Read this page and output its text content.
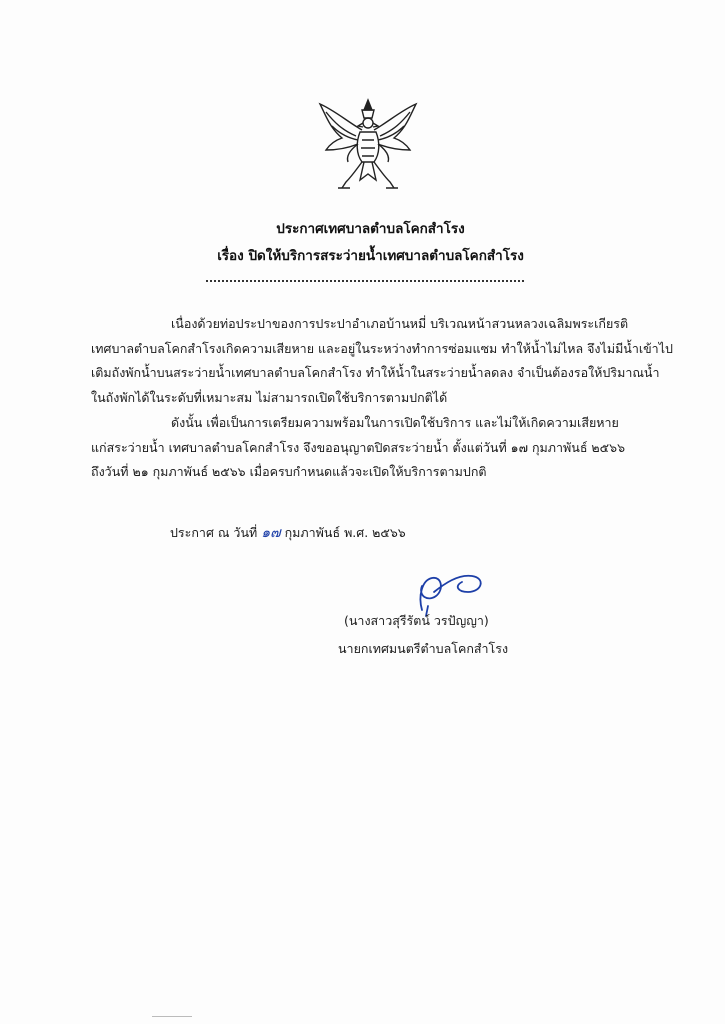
ประกาศเทศบาลตำบลโคกสำโรง
เรื่อง ปิดให้บริการสระว่ายน้ำเทศบาลตำบลโคกสำโรง
เนื่องด้วยท่อประปาของการประปาอำเภอบ้านหมี่ บริเวณหน้าสวนหลวงเฉลิมพระเกียรติ
เทศบาลตำบลโคกสำโรงเกิดความเสียหาย และอยู่ในระหว่างทำการซ่อมแซม ทำให้น้ำไม่ไหล จึงไม่มีน้ำเข้าไป
เติมถังพักน้ำบนสระว่ายน้ำเทศบาลตำบลโคกสำโรง ทำให้น้ำในสระว่ายน้ำลดลง จำเป็นต้องรอให้ปริมาณน้ำ
ในถังพักได้ในระดับที่เหมาะสม ไม่สามารถเปิดใช้บริการตามปกติได้
ดังนั้น เพื่อเป็นการเตรียมความพร้อมในการเปิดใช้บริการ และไม่ให้เกิดความเสียหาย
แก่สระว่ายน้ำ เทศบาลตำบลโคกสำโรง จึงขออนุญาตปิดสระว่ายน้ำ ตั้งแต่วันที่ ๑๗ กุมภาพันธ์ ๒๕๖๖
ถึงวันที่ ๒๑ กุมภาพันธ์ ๒๕๖๖ เมื่อครบกำหนดแล้วจะเปิดให้บริการตามปกติ
ประกาศ ณ วันที่ ๑๗ กุมภาพันธ์ พ.ศ. ๒๕๖๖
(นางสาวสุรีรัตน์ วรปัญญา)
นายกเทศมนตรีตำบลโคกสำโรง
